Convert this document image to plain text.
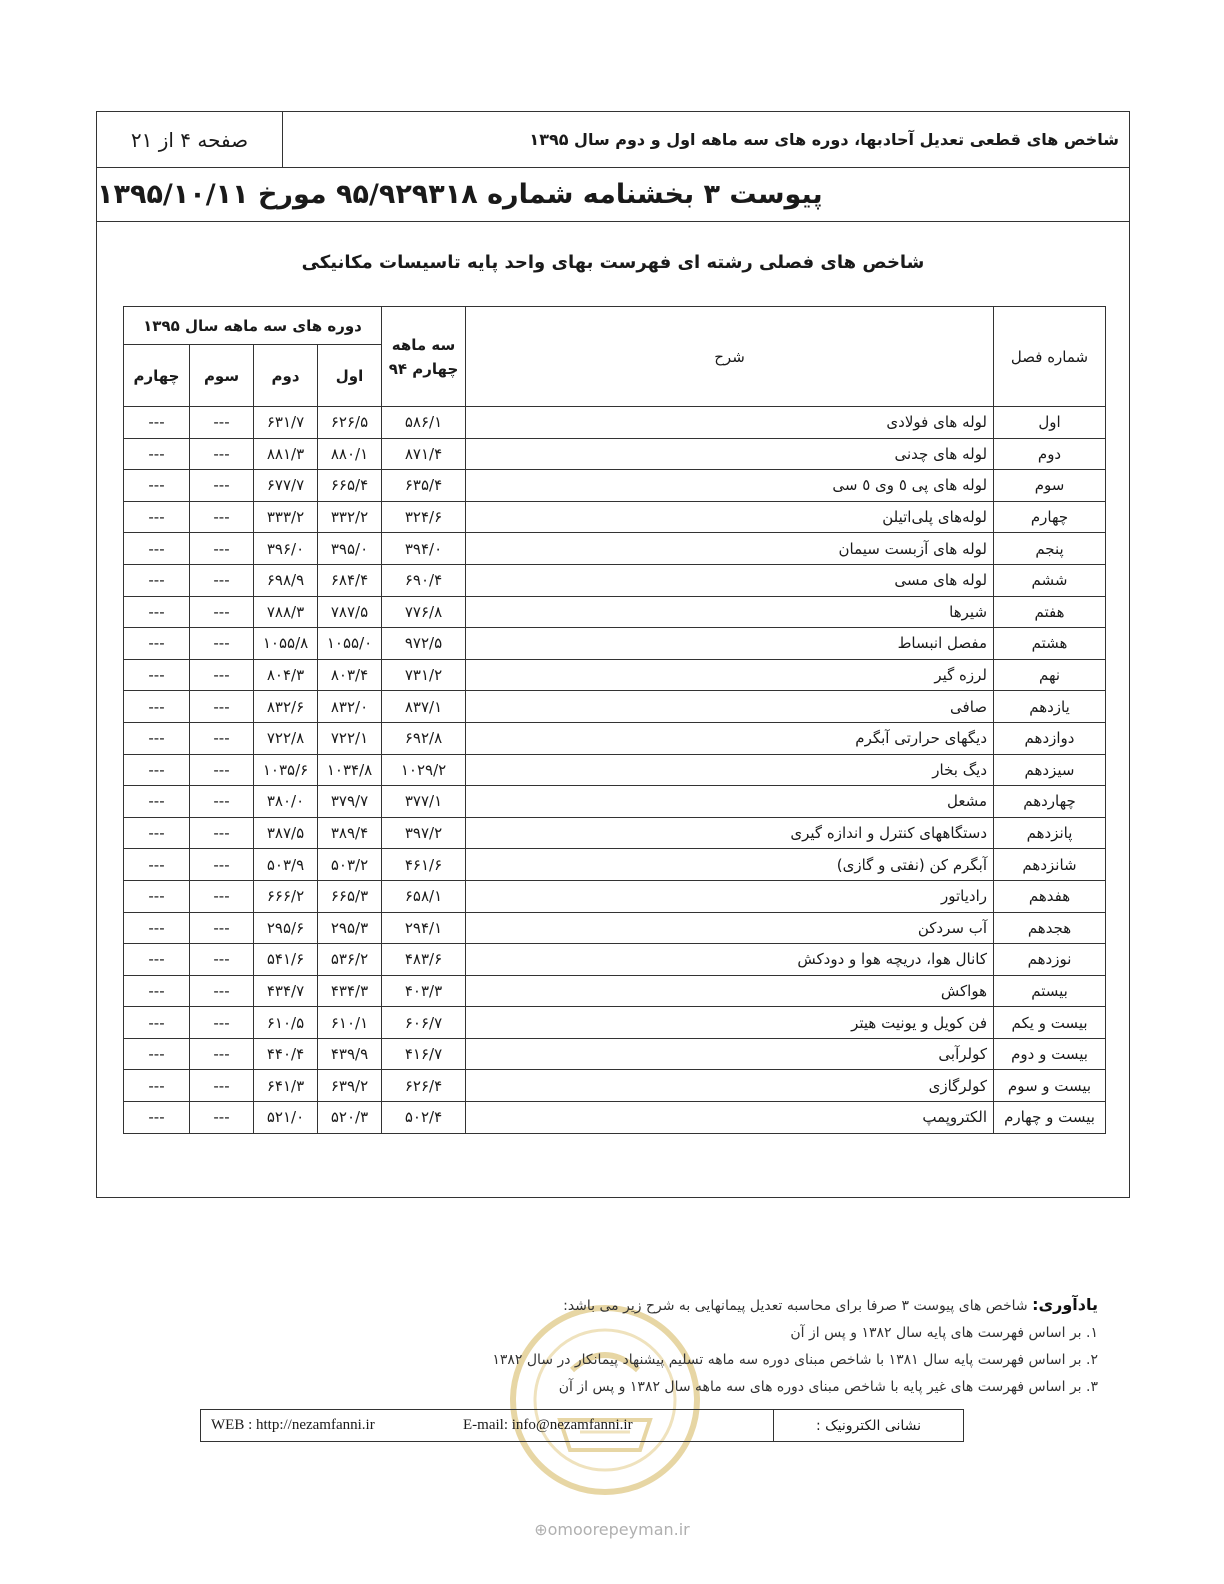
صفحه ۴ از ۲۱	شاخص های قطعی تعدیل آحادبها، دوره های سه ماهه اول و دوم سال ۱۳۹۵
پیوست ۳ بخشنامه شماره ۹۵/۹۲۹۳۱۸ مورخ ۱۳۹۵/۱۰/۱۱
شاخص های فصلی رشته ای فهرست بهای واحد پایه تاسیسات مکانیکی
شماره فصل	شرح	سه ماهه چهارم ۹۴	دوره های سه ماهه سال ۱۳۹۵			
			اول	دوم	سوم	چهارم
اول	لوله های فولادی	۵۸۶/۱	۶۲۶/۵	۶۳۱/۷	---	---
دوم	لوله های چدنی	۸۷۱/۴	۸۸۰/۱	۸۸۱/۳	---	---
سوم	لوله های پی ٥ وی ٥ سی	۶۳۵/۴	۶۶۵/۴	۶۷۷/۷	---	---
چهارم	لوله‌های پلی‌اتیلن	۳۲۴/۶	۳۳۲/۲	۳۳۳/۲	---	---
پنجم	لوله های آزبست سیمان	۳۹۴/۰	۳۹۵/۰	۳۹۶/۰	---	---
ششم	لوله های مسی	۶۹۰/۴	۶۸۴/۴	۶۹۸/۹	---	---
هفتم	شیرها	۷۷۶/۸	۷۸۷/۵	۷۸۸/۳	---	---
هشتم	مفصل انبساط	۹۷۲/۵	۱۰۵۵/۰	۱۰۵۵/۸	---	---
نهم	لرزه گیر	۷۳۱/۲	۸۰۳/۴	۸۰۴/۳	---	---
یازدهم	صافی	۸۳۷/۱	۸۳۲/۰	۸۳۲/۶	---	---
دوازدهم	دیگهای حرارتی آبگرم	۶۹۲/۸	۷۲۲/۱	۷۲۲/۸	---	---
سیزدهم	دیگ بخار	۱۰۲۹/۲	۱۰۳۴/۸	۱۰۳۵/۶	---	---
چهاردهم	مشعل	۳۷۷/۱	۳۷۹/۷	۳۸۰/۰	---	---
پانزدهم	دستگاههای کنترل و اندازه گیری	۳۹۷/۲	۳۸۹/۴	۳۸۷/۵	---	---
شانزدهم	آبگرم کن (نفتی و گازی)	۴۶۱/۶	۵۰۳/۲	۵۰۳/۹	---	---
هفدهم	رادیاتور	۶۵۸/۱	۶۶۵/۳	۶۶۶/۲	---	---
هجدهم	آب سردکن	۲۹۴/۱	۲۹۵/۳	۲۹۵/۶	---	---
نوزدهم	کانال هوا، دریچه هوا و دودکش	۴۸۳/۶	۵۳۶/۲	۵۴۱/۶	---	---
بیستم	هواکش	۴۰۳/۳	۴۳۴/۳	۴۳۴/۷	---	---
بیست و یکم	فن کویل و یونیت هیتر	۶۰۶/۷	۶۱۰/۱	۶۱۰/۵	---	---
بیست و دوم	کولرآبی	۴۱۶/۷	۴۳۹/۹	۴۴۰/۴	---	---
بیست و سوم	کولرگازی	۶۲۶/۴	۶۳۹/۲	۶۴۱/۳	---	---
بیست و چهارم	الکتروپمپ	۵۰۲/۴	۵۲۰/۳	۵۲۱/۰	---	---
یادآوری: شاخص های پیوست ۳ صرفا برای محاسبه تعدیل پیمانهایی به شرح زیر می باشد:
۱. بر اساس فهرست های پایه سال ۱۳۸۲ و پس از آن
۲. بر اساس فهرست پایه سال ۱۳۸۱ با شاخص مبنای دوره سه ماهه تسلیم پیشنهاد پیمانکار در سال ۱۳۸۲
۳. بر اساس فهرست های غیر پایه با شاخص مبنای دوره های سه ماهه سال ۱۳۸۲ و پس از آن
نشانی الکترونیک :
E-mail: info@nezamfanni.ir
WEB : http://nezamfanni.ir
⊕omoorepeyman.ir
